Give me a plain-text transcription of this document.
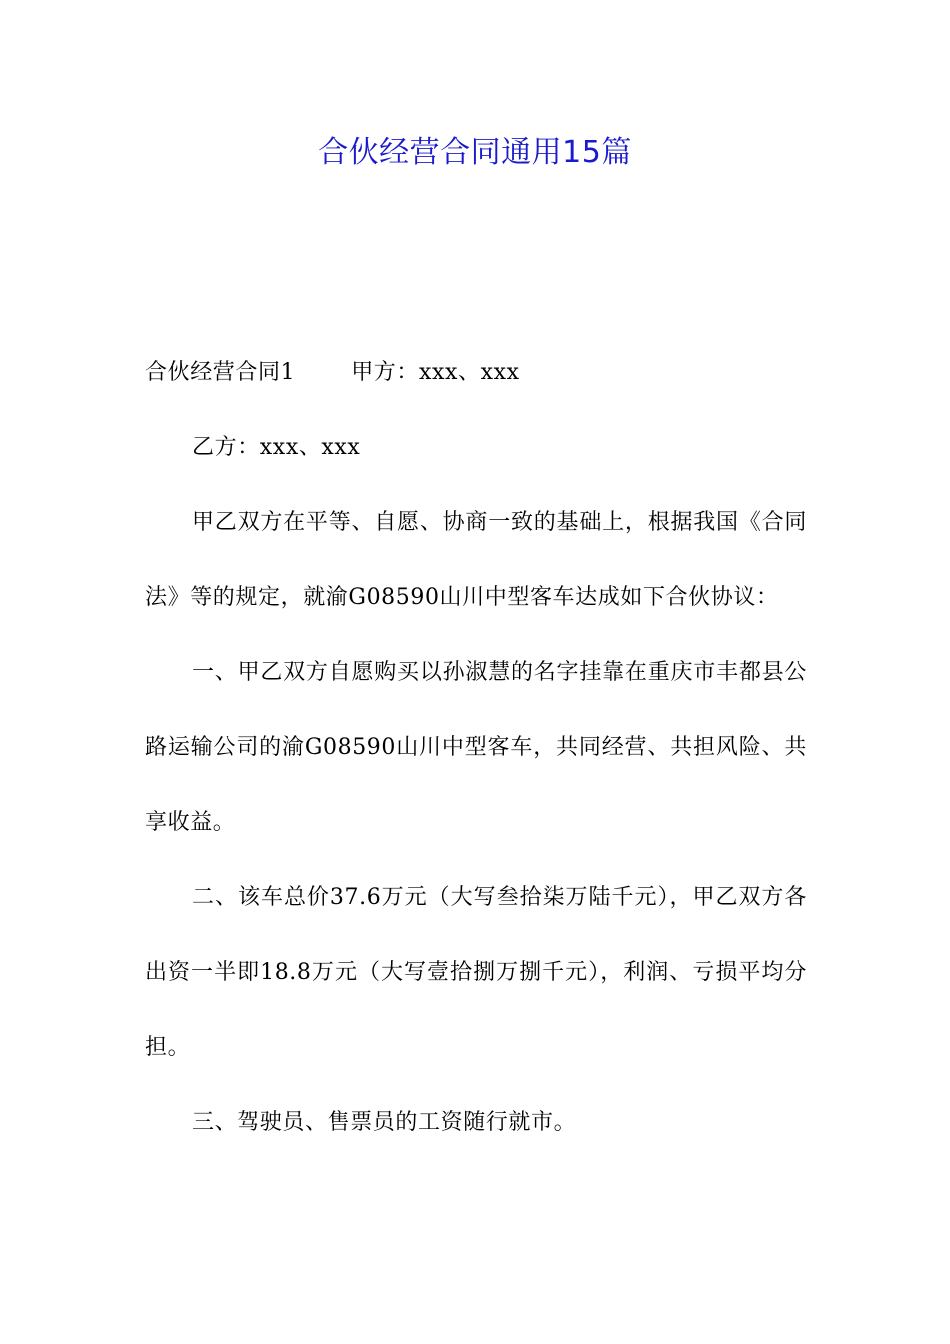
合伙经营合同通用15篇

合伙经营合同1	甲方：xxx、xxx

乙方：xxx、xxx

甲乙双方在平等、自愿、协商一致的基础上，根据我国《合同法》等的规定，就渝G08590山川中型客车达成如下合伙协议：

一、甲乙双方自愿购买以孙淑慧的名字挂靠在重庆市丰都县公路运输公司的渝G08590山川中型客车，共同经营、共担风险、共享收益。

二、该车总价37.6万元（大写叁拾柒万陆千元），甲乙双方各出资一半即18.8万元（大写壹拾捌万捌千元），利润、亏损平均分担。

三、驾驶员、售票员的工资随行就市。
